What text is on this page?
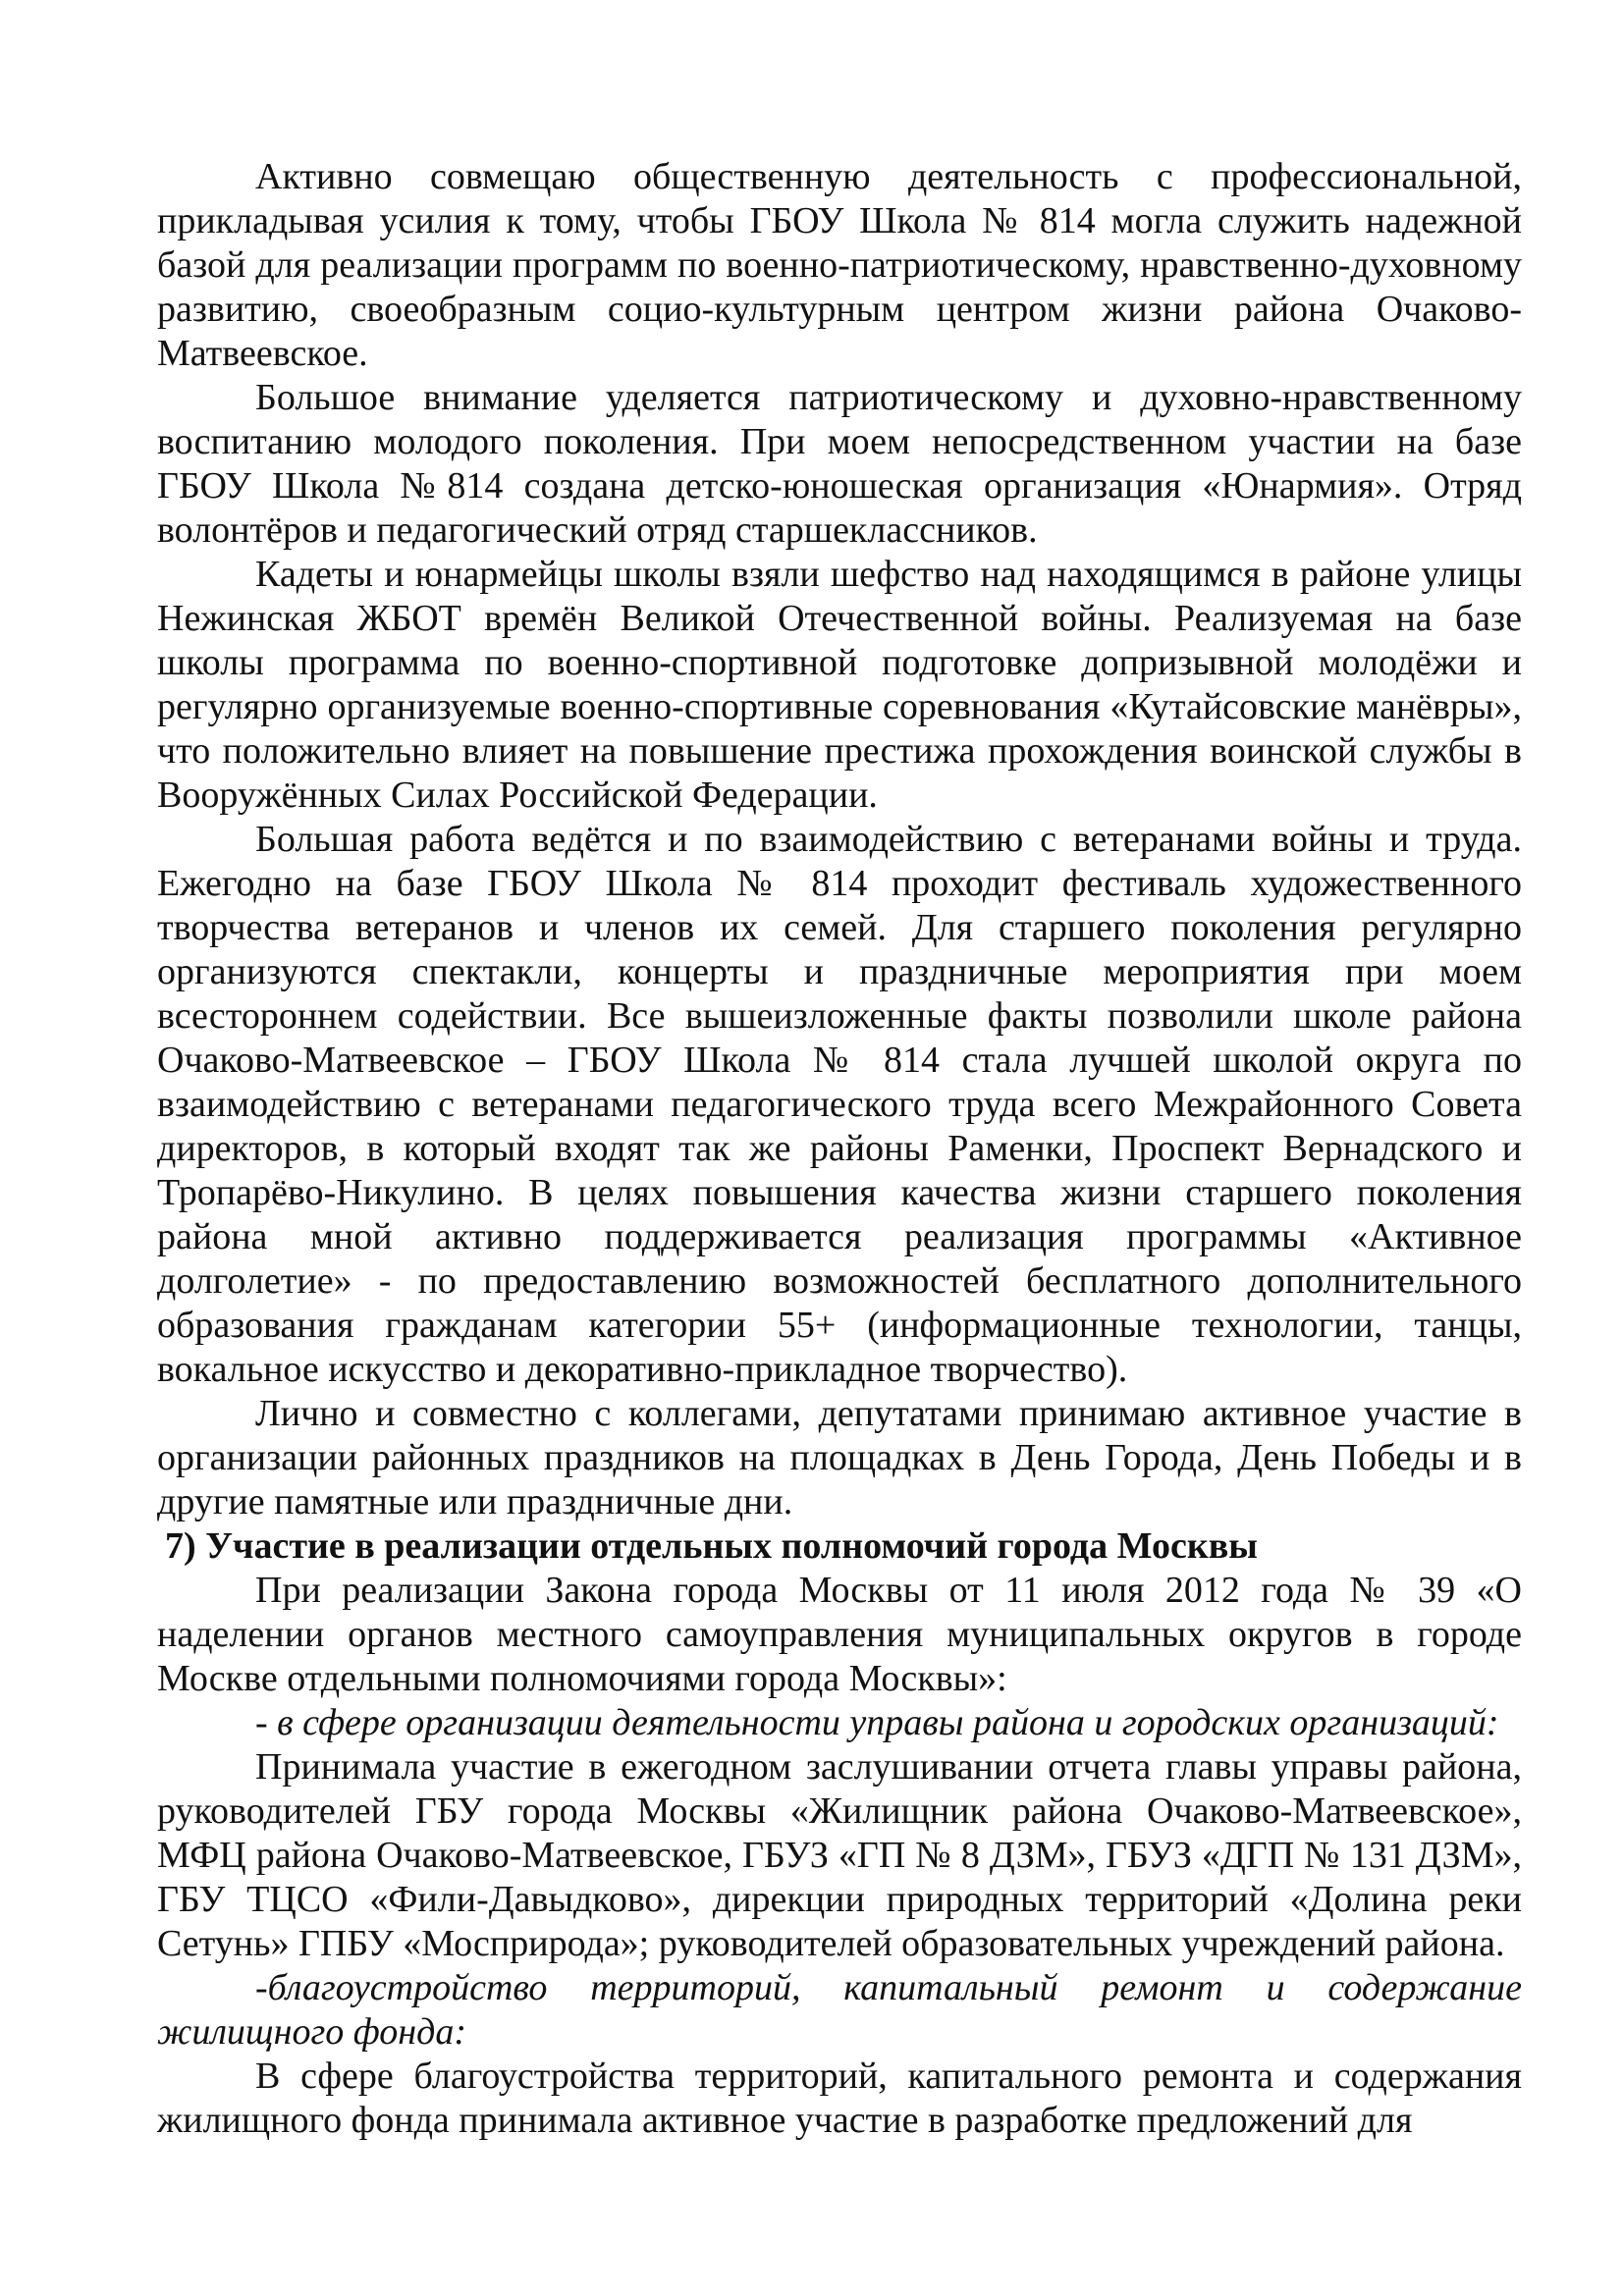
Активно совмещаю общественную деятельность с профессиональной, прикладывая усилия к тому, чтобы ГБОУ Школа № 814 могла служить надежной базой для реализации программ по военно-патриотическому, нравственно-духовному развитию, своеобразным социо-культурным центром жизни района Очаково-Матвеевское.

Большое внимание уделяется патриотическому и духовно-нравственному воспитанию молодого поколения. При моем непосредственном участии на базе ГБОУ Школа №814 создана детско-юношеская организация «Юнармия». Отряд волонтёров и педагогический отряд старшеклассников.

Кадеты и юнармейцы школы взяли шефство над находящимся в районе улицы Нежинская ЖБОТ времён Великой Отечественной войны. Реализуемая на базе школы программа по военно-спортивной подготовке допризывной молодёжи и регулярно организуемые военно-спортивные соревнования «Кутайсовские манёвры», что положительно влияет на повышение престижа прохождения воинской службы в Вооружённых Силах Российской Федерации.

Большая работа ведётся и по взаимодействию с ветеранами войны и труда. Ежегодно на базе ГБОУ Школа № 814 проходит фестиваль художественного творчества ветеранов и членов их семей. Для старшего поколения регулярно организуются спектакли, концерты и праздничные мероприятия при моем всестороннем содействии. Все вышеизложенные факты позволили школе района Очаково-Матвеевское – ГБОУ Школа № 814 стала лучшей школой округа по взаимодействию с ветеранами педагогического труда всего Межрайонного Совета директоров, в который входят так же районы Раменки, Проспект Вернадского и Тропарёво-Никулино. В целях повышения качества жизни старшего поколения района мной активно поддерживается реализация программы «Активное долголетие» - по предоставлению возможностей бесплатного дополнительного образования гражданам категории 55+ (информационные технологии, танцы, вокальное искусство и декоративно-прикладное творчество).

Лично и совместно с коллегами, депутатами принимаю активное участие в организации районных праздников на площадках в День Города, День Победы и в другие памятные или праздничные дни.

7) Участие в реализации отдельных полномочий города Москвы

При реализации Закона города Москвы от 11 июля 2012 года № 39 «О наделении органов местного самоуправления муниципальных округов в городе Москве отдельными полномочиями города Москвы»:

- в сфере организации деятельности управы района и городских организаций:

Принимала участие в ежегодном заслушивании отчета главы управы района, руководителей ГБУ города Москвы «Жилищник района Очаково-Матвеевское», МФЦ района Очаково-Матвеевское, ГБУЗ «ГП № 8 ДЗМ», ГБУЗ «ДГП № 131 ДЗМ», ГБУ ТЦСО «Фили-Давыдково», дирекции природных территорий «Долина реки Сетунь» ГПБУ «Мосприрода»; руководителей образовательных учреждений района.

-благоустройство территорий, капитальный ремонт и содержание жилищного фонда:

В сфере благоустройства территорий, капитального ремонта и содержания жилищного фонда принимала активное участие в разработке предложений для
